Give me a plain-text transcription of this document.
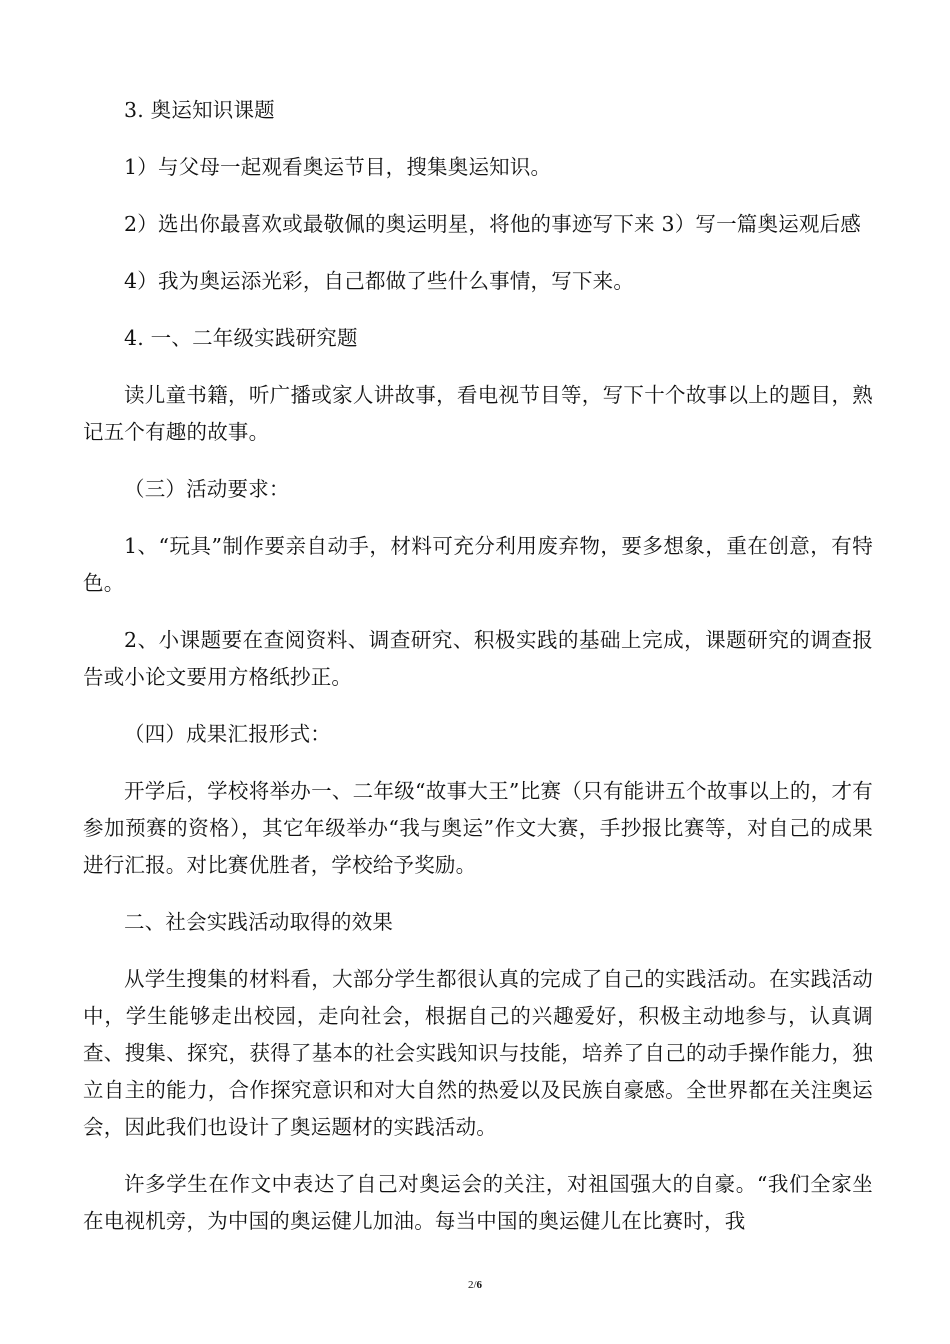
3. 奥运知识课题

1）与父母一起观看奥运节目，搜集奥运知识。

2）选出你最喜欢或最敬佩的奥运明星，将他的事迹写下来 3）写一篇奥运观后感

4）我为奥运添光彩，自己都做了些什么事情，写下来。

4. 一、二年级实践研究题

读儿童书籍，听广播或家人讲故事，看电视节目等，写下十个故事以上的题目，熟记五个有趣的故事。

（三）活动要求：

1、“玩具”制作要亲自动手，材料可充分利用废弃物，要多想象，重在创意，有特色。

2、小课题要在查阅资料、调查研究、积极实践的基础上完成，课题研究的调查报告或小论文要用方格纸抄正。

（四）成果汇报形式：

开学后，学校将举办一、二年级“故事大王”比赛（只有能讲五个故事以上的，才有参加预赛的资格），其它年级举办“我与奥运”作文大赛，手抄报比赛等，对自己的成果进行汇报。对比赛优胜者，学校给予奖励。

二、社会实践活动取得的效果

从学生搜集的材料看，大部分学生都很认真的完成了自己的实践活动。在实践活动中，学生能够走出校园，走向社会，根据自己的兴趣爱好，积极主动地参与，认真调查、搜集、探究，获得了基本的社会实践知识与技能，培养了自己的动手操作能力，独立自主的能力，合作探究意识和对大自然的热爱以及民族自豪感。全世界都在关注奥运会，因此我们也设计了奥运题材的实践活动。

许多学生在作文中表达了自己对奥运会的关注，对祖国强大的自豪。“我们全家坐在电视机旁，为中国的奥运健儿加油。每当中国的奥运健儿在比赛时，我

2/6
